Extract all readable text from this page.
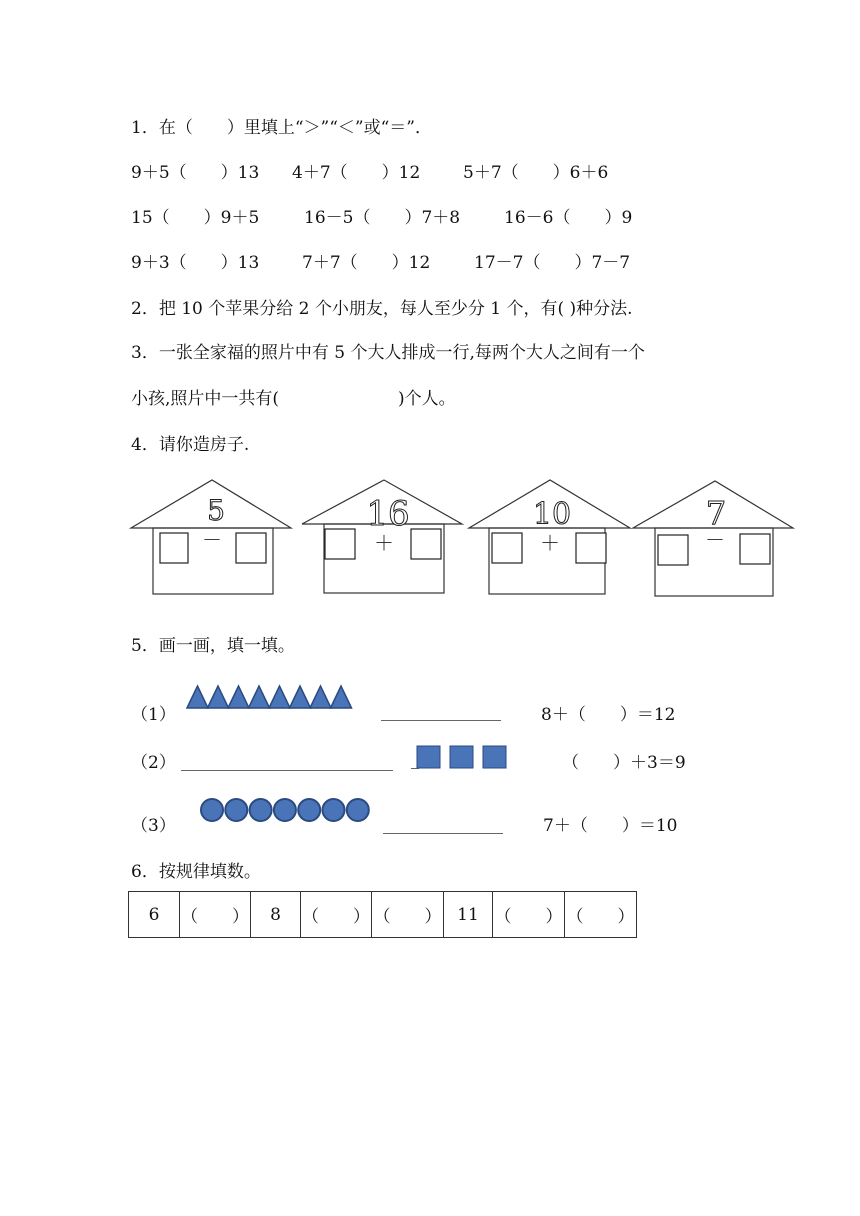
1．在（　　）里填上“＞”“＜”或“＝”．
9＋5（　　）13 4＋7（　　）12	5＋7（　　）6＋6
15（　　）9＋5	16－5（　　）7＋8	16－6（　　）9
9＋3（　　）13	7＋7（　　）12	17－7（　　）7－7
2．把 10 个苹果分给 2 个小朋友，每人至少分 1 个，有( )种分法.
3．一张全家福的照片中有 5 个大人排成一行,每两个大人之间有一个
小孩,照片中一共有(　　　　　　　)个人。
4．请你造房子.
5
－
16
＋
10
＋
7
－
5．画一画，填一填。
（1）	8＋（　　）＝12
（2）	（　　）＋3＝9
（3）	7＋（　　）＝10
6．按规律填数。
6	（　　）	8	（　　）	（　　）	11	（　　）	（　　）
